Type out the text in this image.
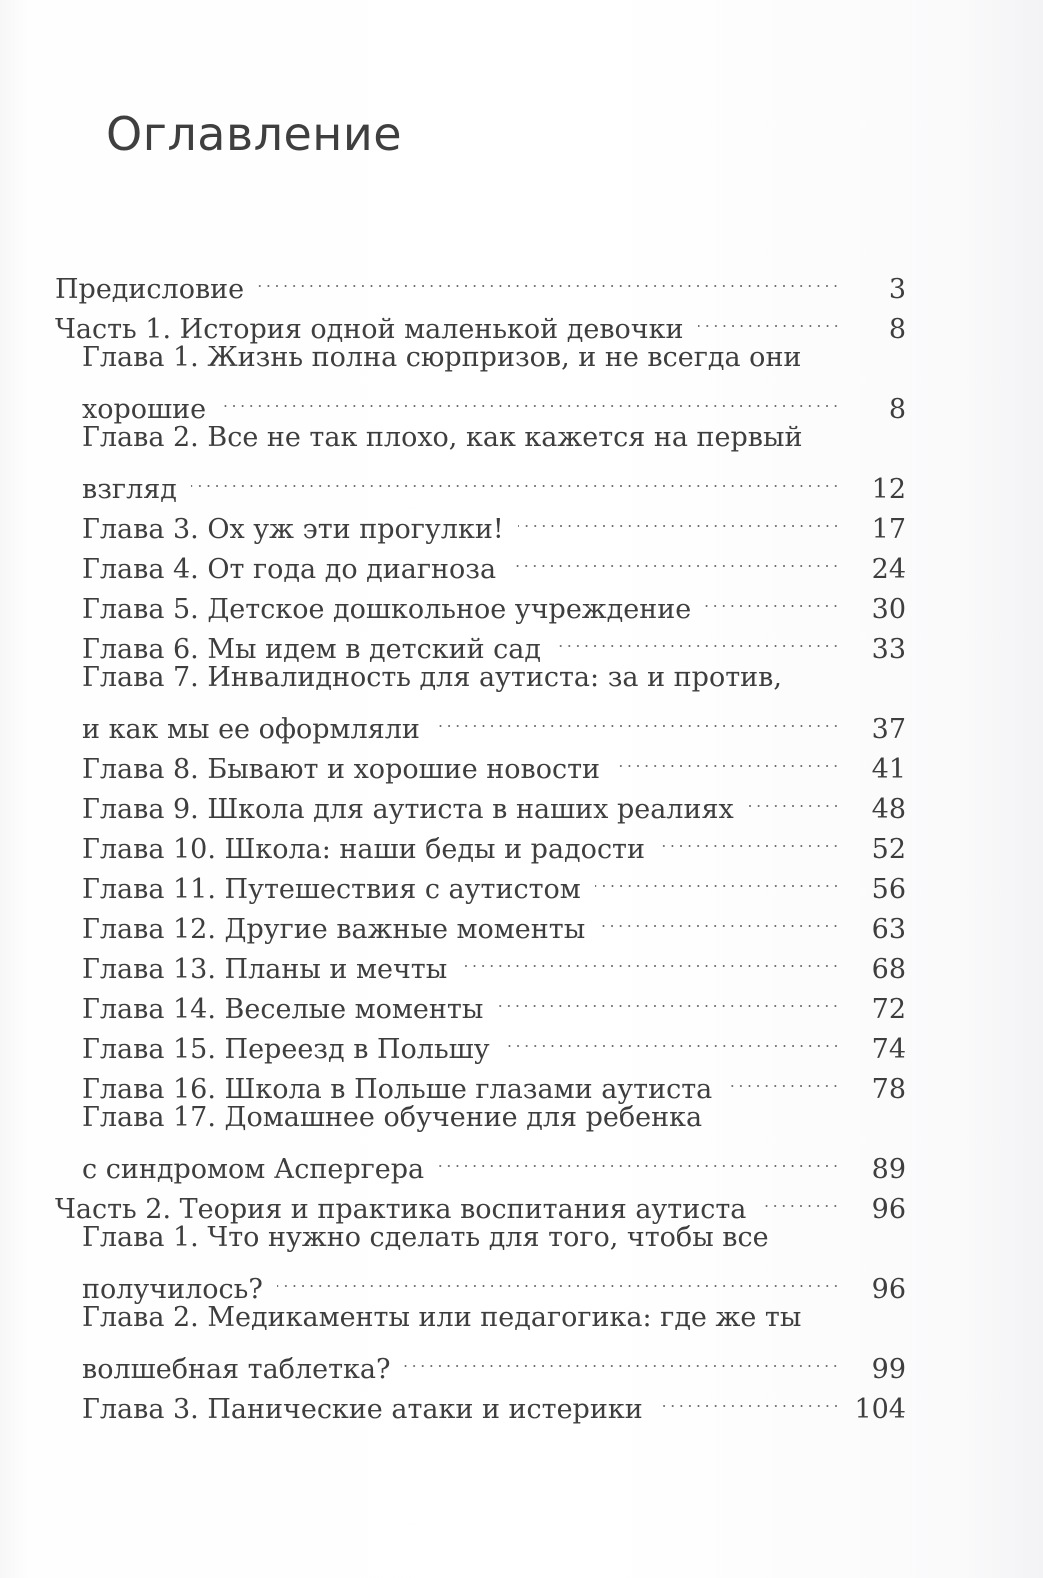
Оглавление
Предисловие	3
Часть 1. История одной маленькой девочки	8
Глава 1. Жизнь полна сюрпризов, и не всегда они
хорошие	8
Глава 2. Все не так плохо, как кажется на первый
взгляд	12
Глава 3. Ох уж эти прогулки!	17
Глава 4. От года до диагноза	24
Глава 5. Детское дошкольное учреждение	30
Глава 6. Мы идем в детский сад	33
Глава 7. Инвалидность для аутиста: за и против,
и как мы ее оформляли	37
Глава 8. Бывают и хорошие новости	41
Глава 9. Школа для аутиста в наших реалиях	48
Глава 10. Школа: наши беды и радости	52
Глава 11. Путешествия с аутистом	56
Глава 12. Другие важные моменты	63
Глава 13. Планы и мечты	68
Глава 14. Веселые моменты	72
Глава 15. Переезд в Польшу	74
Глава 16. Школа в Польше глазами аутиста	78
Глава 17. Домашнее обучение для ребенка
с синдромом Аспергера	89
Часть 2. Теория и практика воспитания аутиста	96
Глава 1. Что нужно сделать для того, чтобы все
получилось?	96
Глава 2. Медикаменты или педагогика: где же ты
волшебная таблетка?	99
Глава 3. Панические атаки и истерики	104
